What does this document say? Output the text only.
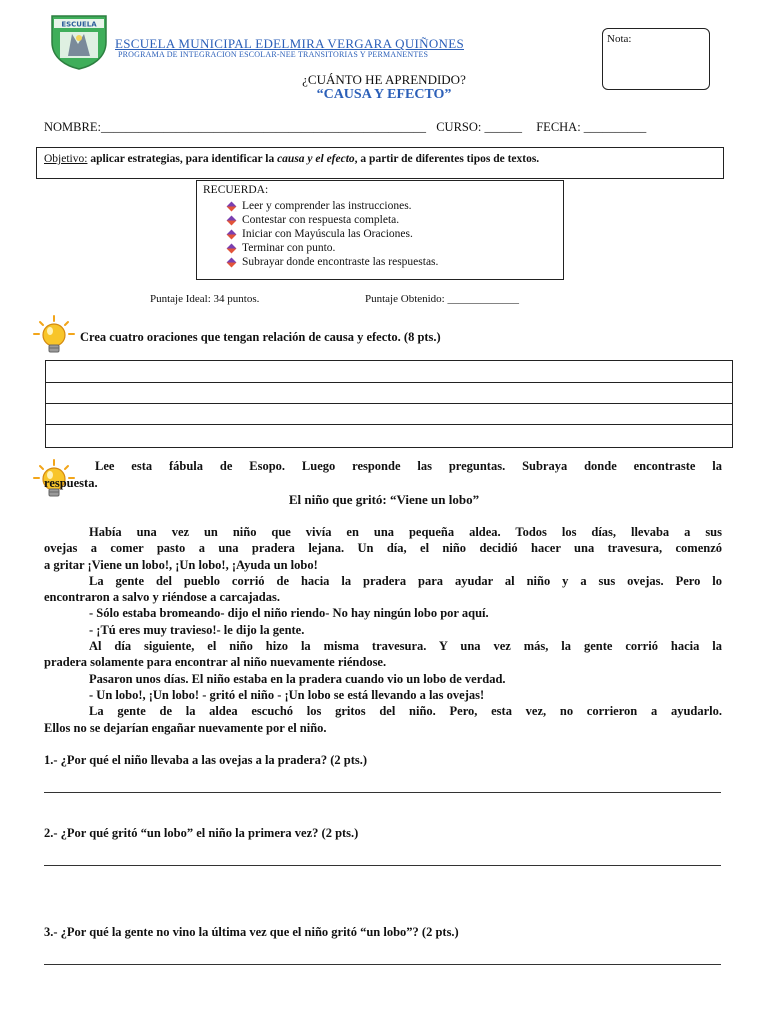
ESCUELA
ESCUELA MUNICIPAL EDELMIRA VERGARA QUIÑONES
PROGRAMA DE INTEGRACION ESCOLAR-NEE TRANSITORIAS Y PERMANENTES
Nota:
¿CUÁNTO HE APRENDIDO?
“CAUSA Y EFECTO”
NOMBRE:____________________________________________________ CURSO: ______ FECHA: __________
Objetivo: aplicar estrategias, para identificar la causa y el efecto, a partir de diferentes tipos de textos.
RECUERDA:
Leer y comprender las instrucciones.
Contestar con respuesta completa.
Iniciar con Mayúscula las Oraciones.
Terminar con punto.
Subrayar donde encontraste las respuestas.
Puntaje Ideal: 34 puntos.	Puntaje Obtenido: _____________
Crea cuatro oraciones que tengan relación de causa y efecto. (8 pts.)
Lee esta fábula de Esopo. Luego responde las preguntas. Subraya donde encontraste la
respuesta.
El niño que gritó: “Viene un lobo”
Había una vez un niño que vivía en una pequeña aldea. Todos los días, llevaba a sus
ovejas a comer pasto a una pradera lejana. Un día, el niño decidió hacer una travesura, comenzó
a gritar ¡Viene un lobo!, ¡Un lobo!, ¡Ayuda un lobo!
La gente del pueblo corrió de hacia la pradera para ayudar al niño y a sus ovejas. Pero lo
encontraron a salvo y riéndose a carcajadas.
- Sólo estaba bromeando- dijo el niño riendo- No hay ningún lobo por aquí.
- ¡Tú eres muy travieso!- le dijo la gente.
Al día siguiente, el niño hizo la misma travesura. Y una vez más, la gente corrió hacia la
pradera solamente para encontrar al niño nuevamente riéndose.
Pasaron unos días. El niño estaba en la pradera cuando vio un lobo de verdad.
- Un lobo!, ¡Un lobo! - gritó el niño - ¡Un lobo se está llevando a las ovejas!
La gente de la aldea escuchó los gritos del niño. Pero, esta vez, no corrieron a ayudarlo.
Ellos no se dejarían engañar nuevamente por el niño.
1.- ¿Por qué el niño llevaba a las ovejas a la pradera? (2 pts.)
2.- ¿Por qué gritó “un lobo” el niño la primera vez? (2 pts.)
3.- ¿Por qué la gente no vino la última vez que el niño gritó “un lobo”? (2 pts.)
